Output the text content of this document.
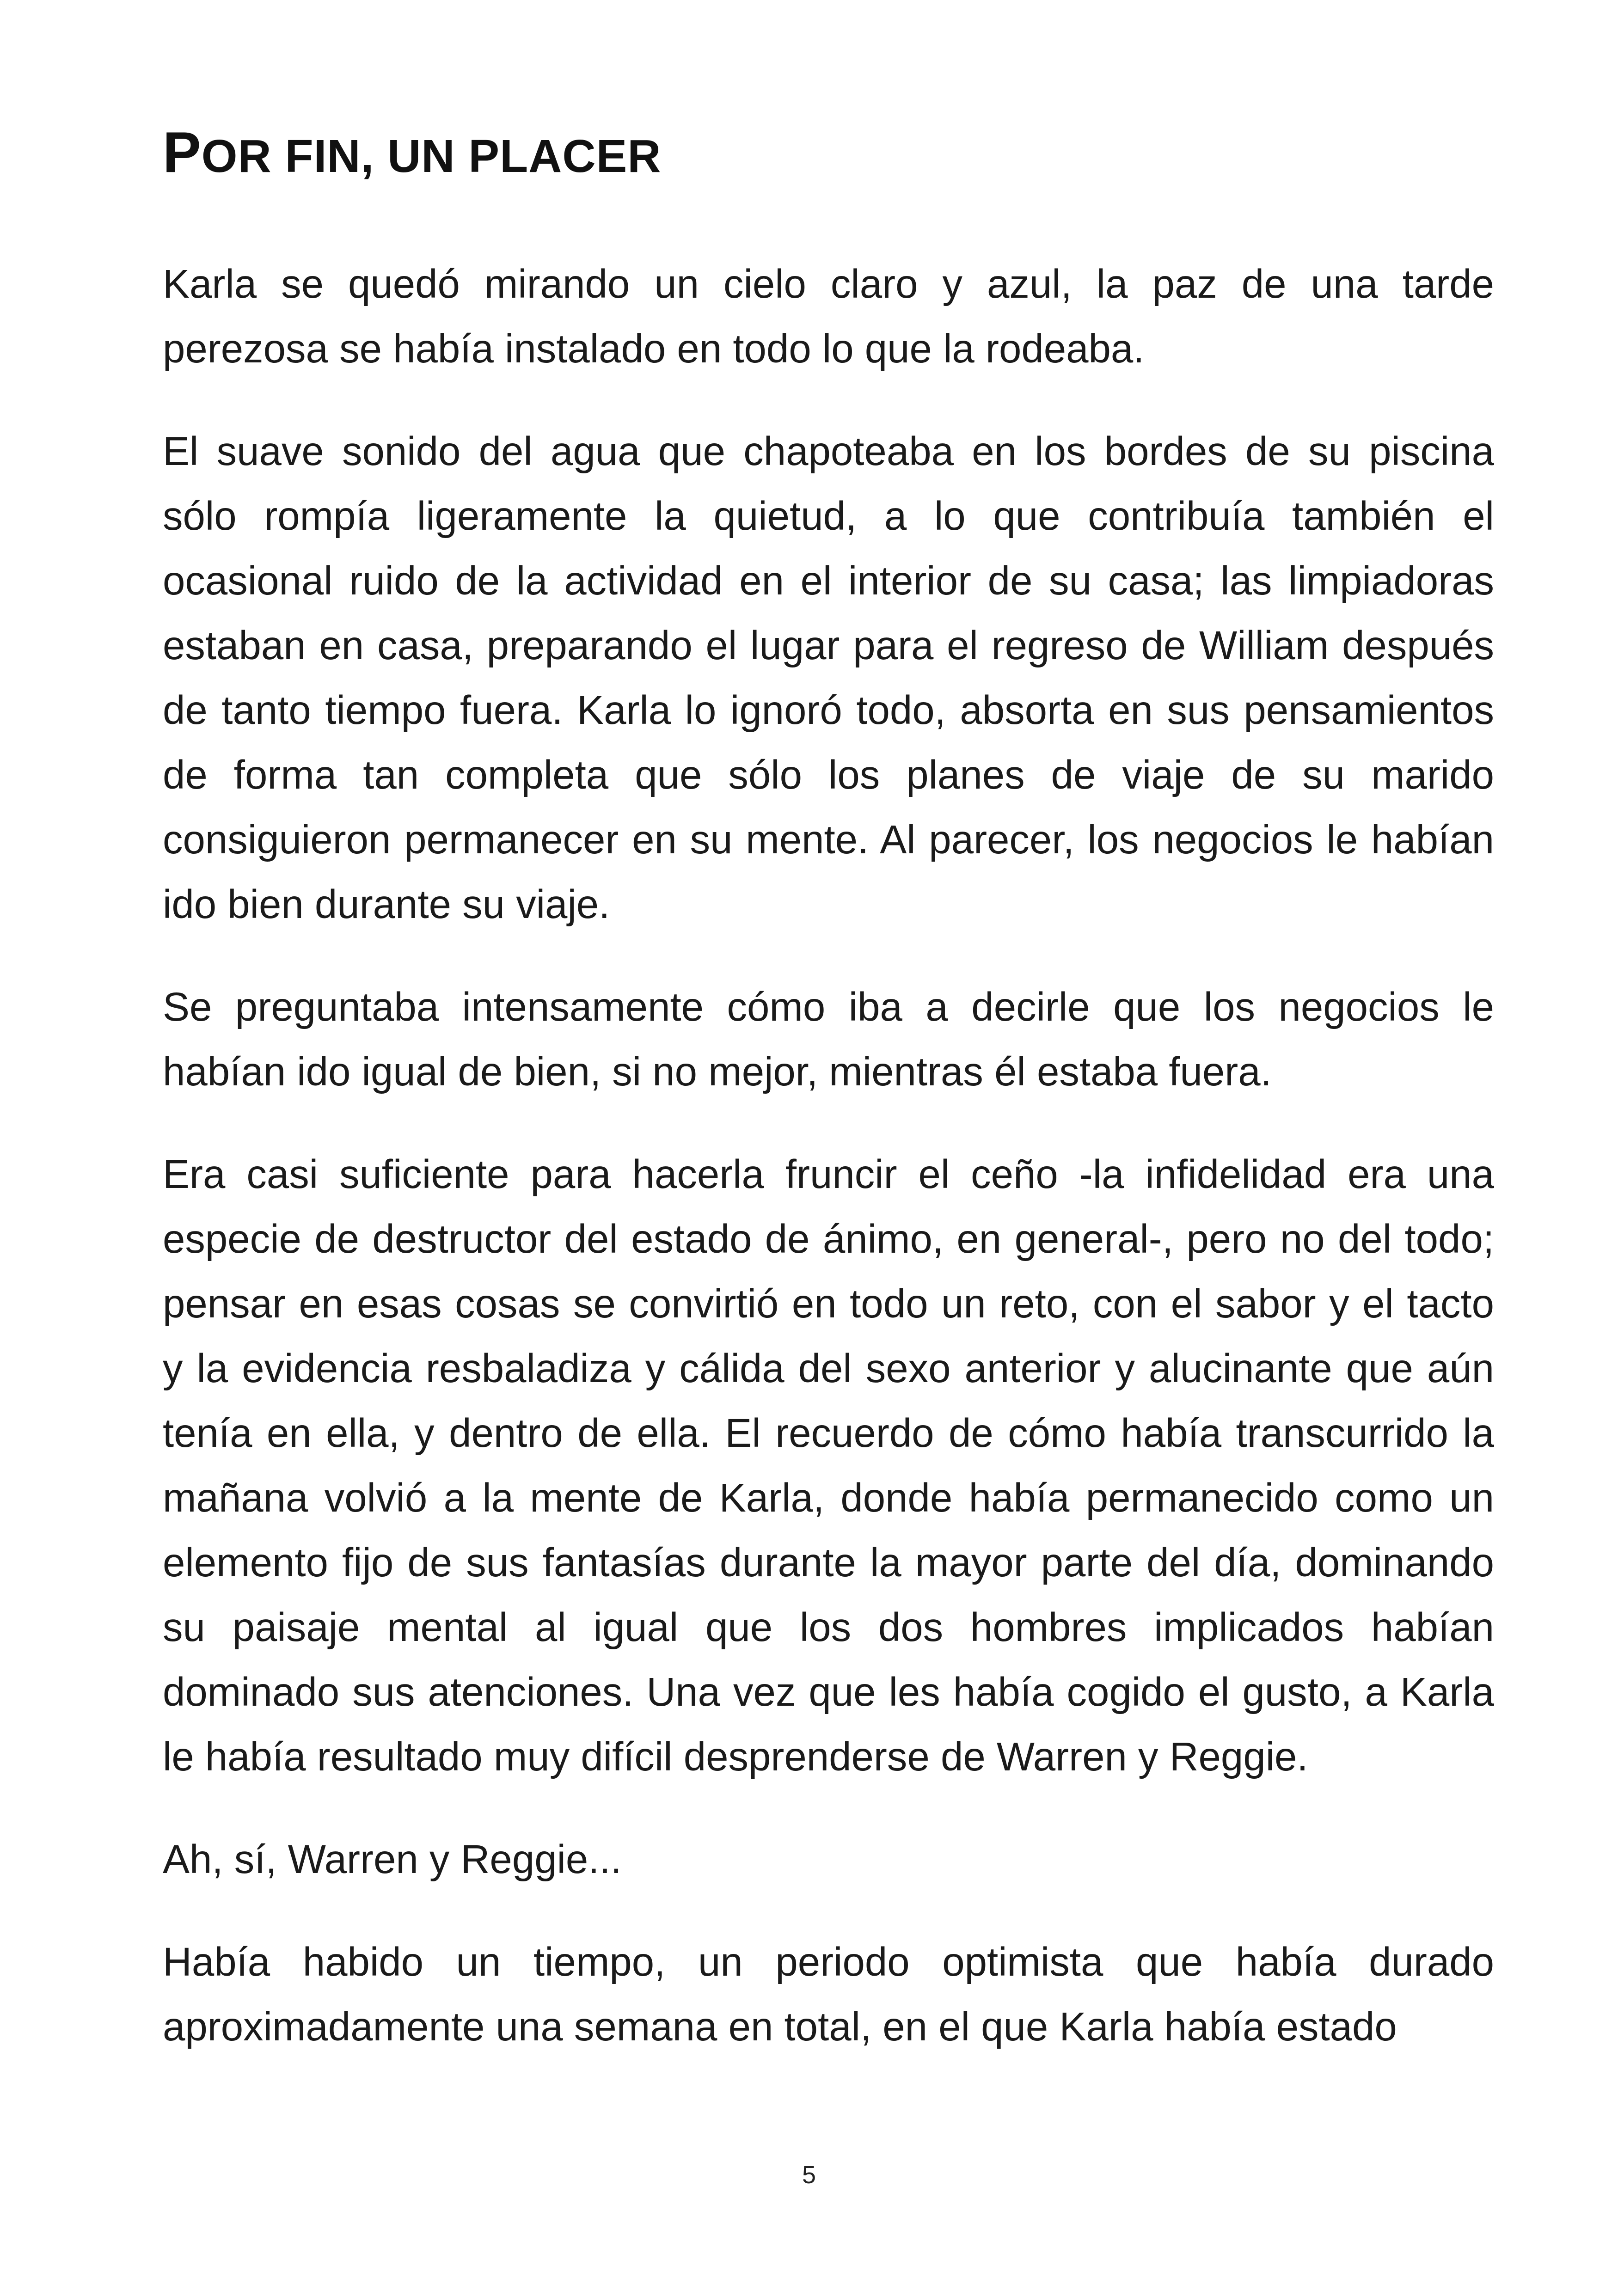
POR FIN, UN PLACER

Karla se quedó mirando un cielo claro y azul, la paz de una tarde perezosa se había instalado en todo lo que la rodeaba.

El suave sonido del agua que chapoteaba en los bordes de su piscina sólo rompía ligeramente la quietud, a lo que contribuía también el ocasional ruido de la actividad en el interior de su casa; las limpiadoras estaban en casa, preparando el lugar para el regreso de William después de tanto tiempo fuera. Karla lo ignoró todo, absorta en sus pensamientos de forma tan completa que sólo los planes de viaje de su marido consiguieron permanecer en su mente. Al parecer, los negocios le habían ido bien durante su viaje.

Se preguntaba intensamente cómo iba a decirle que los negocios le habían ido igual de bien, si no mejor, mientras él estaba fuera.

Era casi suficiente para hacerla fruncir el ceño -la infidelidad era una especie de destructor del estado de ánimo, en general-, pero no del todo; pensar en esas cosas se convirtió en todo un reto, con el sabor y el tacto y la evidencia resbaladiza y cálida del sexo anterior y alucinante que aún tenía en ella, y dentro de ella. El recuerdo de cómo había transcurrido la mañana volvió a la mente de Karla, donde había permanecido como un elemento fijo de sus fantasías durante la mayor parte del día, dominando su paisaje mental al igual que los dos hombres implicados habían dominado sus atenciones. Una vez que les había cogido el gusto, a Karla le había resultado muy difícil desprenderse de Warren y Reggie.

Ah, sí, Warren y Reggie...

Había habido un tiempo, un periodo optimista que había durado aproximadamente una semana en total, en el que Karla había estado

5
